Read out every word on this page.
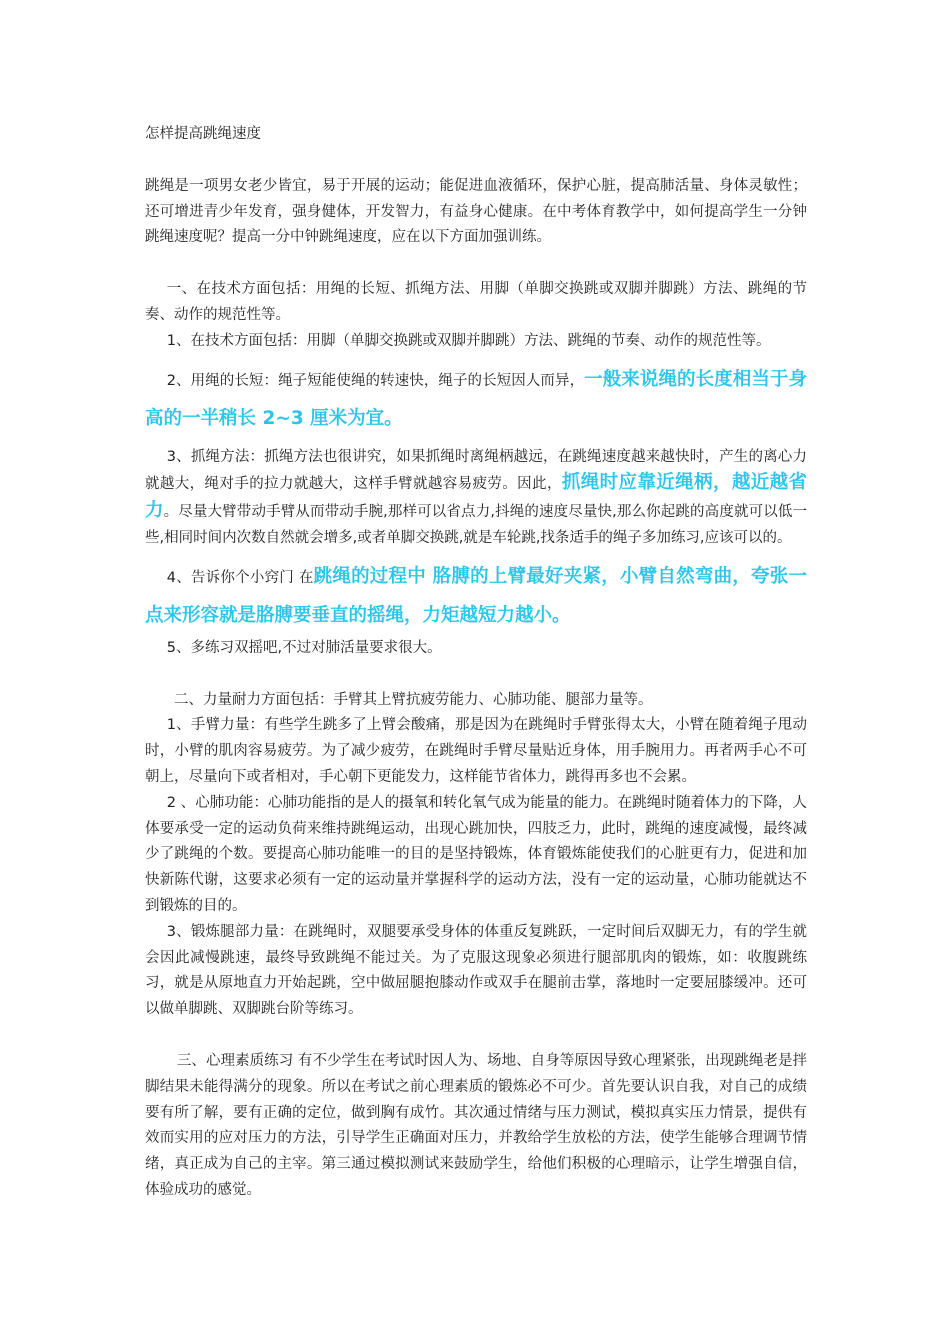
怎样提高跳绳速度

跳绳是一项男女老少皆宜，易于开展的运动；能促进血液循环，保护心脏，提高肺活量、身体灵敏性；还可增进青少年发育，强身健体，开发智力，有益身心健康。在中考体育教学中，如何提高学生一分钟跳绳速度呢？提高一分中钟跳绳速度，应在以下方面加强训练。

一、在技术方面包括：用绳的长短、抓绳方法、用脚（单脚交换跳或双脚并脚跳）方法、跳绳的节奏、动作的规范性等。

1、在技术方面包括：用脚（单脚交换跳或双脚并脚跳）方法、跳绳的节奏、动作的规范性等。

2、用绳的长短：绳子短能使绳的转速快，绳子的长短因人而异，一般来说绳的长度相当于身高的一半稍长 2~3 厘米为宜。

3、抓绳方法：抓绳方法也很讲究，如果抓绳时离绳柄越远，在跳绳速度越来越快时，产生的离心力就越大，绳对手的拉力就越大，这样手臂就越容易疲劳。因此，抓绳时应靠近绳柄，越近越省力。尽量大臂带动手臂从而带动手腕,那样可以省点力,抖绳的速度尽量快,那么你起跳的高度就可以低一些,相同时间内次数自然就会增多,或者单脚交换跳,就是车轮跳,找条适手的绳子多加练习,应该可以的。

4、告诉你个小窍门 在跳绳的过程中 胳膊的上臂最好夹紧，小臂自然弯曲，夸张一点来形容就是胳膊要垂直的摇绳，力矩越短力越小。

5、多练习双摇吧,不过对肺活量要求很大。

二、力量耐力方面包括：手臂其上臂抗疲劳能力、心肺功能、腿部力量等。

1、手臂力量：有些学生跳多了上臂会酸痛，那是因为在跳绳时手臂张得太大，小臂在随着绳子甩动时，小臂的肌肉容易疲劳。为了减少疲劳，在跳绳时手臂尽量贴近身体，用手腕用力。再者两手心不可朝上，尽量向下或者相对，手心朝下更能发力，这样能节省体力，跳得再多也不会累。

2 、心肺功能：心肺功能指的是人的摄氧和转化氧气成为能量的能力。在跳绳时随着体力的下降，人体要承受一定的运动负荷来维持跳绳运动，出现心跳加快，四肢乏力，此时，跳绳的速度减慢，最终减少了跳绳的个数。要提高心肺功能唯一的目的是坚持锻炼，体育锻炼能使我们的心脏更有力，促进和加快新陈代谢，这要求必须有一定的运动量并掌握科学的运动方法，没有一定的运动量，心肺功能就达不到锻炼的目的。

3、锻炼腿部力量：在跳绳时，双腿要承受身体的体重反复跳跃，一定时间后双脚无力，有的学生就会因此减慢跳速，最终导致跳绳不能过关。为了克服这现象必须进行腿部肌肉的锻炼，如：收腹跳练习，就是从原地直力开始起跳，空中做屈腿抱膝动作或双手在腿前击掌，落地时一定要屈膝缓冲。还可以做单脚跳、双脚跳台阶等练习。

三、心理素质练习 有不少学生在考试时因人为、场地、自身等原因导致心理紧张，出现跳绳老是拌脚结果未能得满分的现象。所以在考试之前心理素质的锻炼必不可少。首先要认识自我，对自己的成绩要有所了解，要有正确的定位，做到胸有成竹。其次通过情绪与压力测试，模拟真实压力情景，提供有效而实用的应对压力的方法，引导学生正确面对压力，并教给学生放松的方法，使学生能够合理调节情绪，真正成为自己的主宰。第三通过模拟测试来鼓励学生，给他们积极的心理暗示，让学生增强自信，体验成功的感觉。
